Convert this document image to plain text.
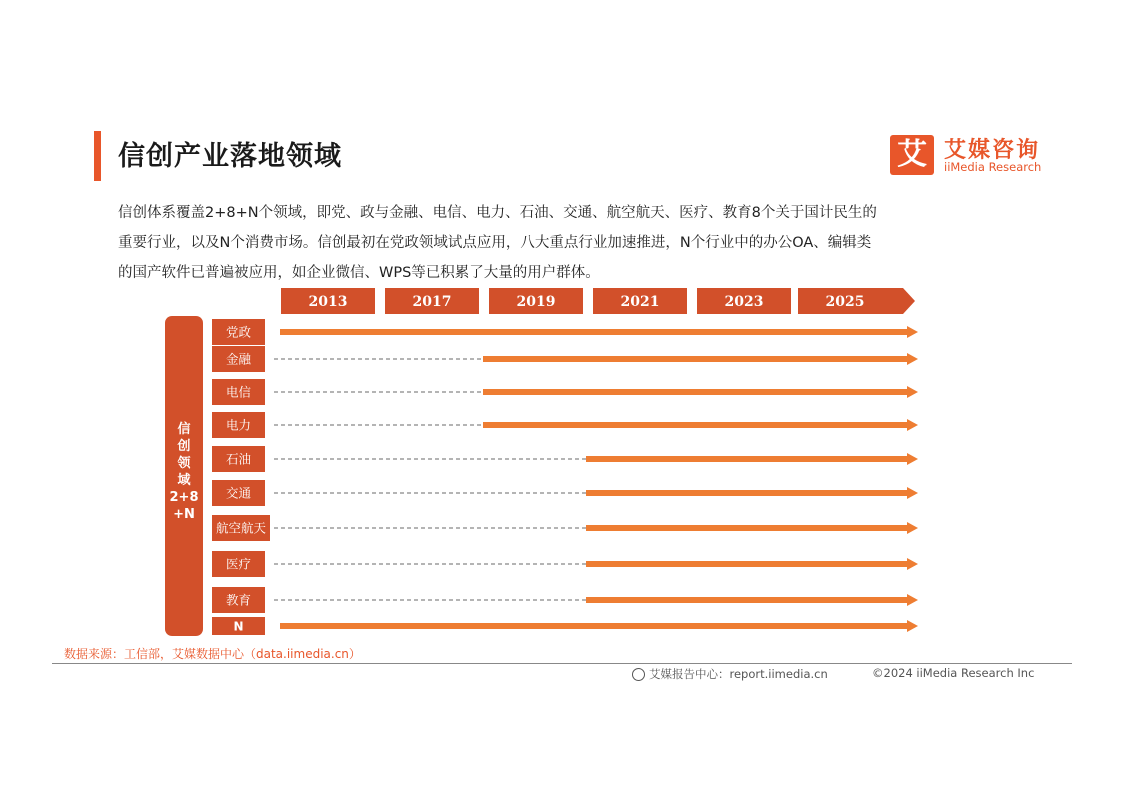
信创产业落地领域	艾 艾媒咨询
iiMedia Research

信创体系覆盖2+8+N个领域，即党、政与金融、电信、电力、石油、交通、航空航天、医疗、教育8个关于国计民生的

重要行业，以及N个消费市场。信创最初在党政领域试点应用，八大重点行业加速推进，N个行业中的办公OA、编辑类

的国产软件已普遍被应用，如企业微信、WPS等已积累了大量的用户群体。

2013	2017	2019	2021	2023	2025
信
创
领
域
2+8
+N
党政
金融
电信
电力
石油
交通
航空航天
医疗
教育
N
数据来源：工信部，艾媒数据中心（data.iimedia.cn）
艾媒报告中心：report.iimedia.cn	©2024 iiMedia Research Inc
